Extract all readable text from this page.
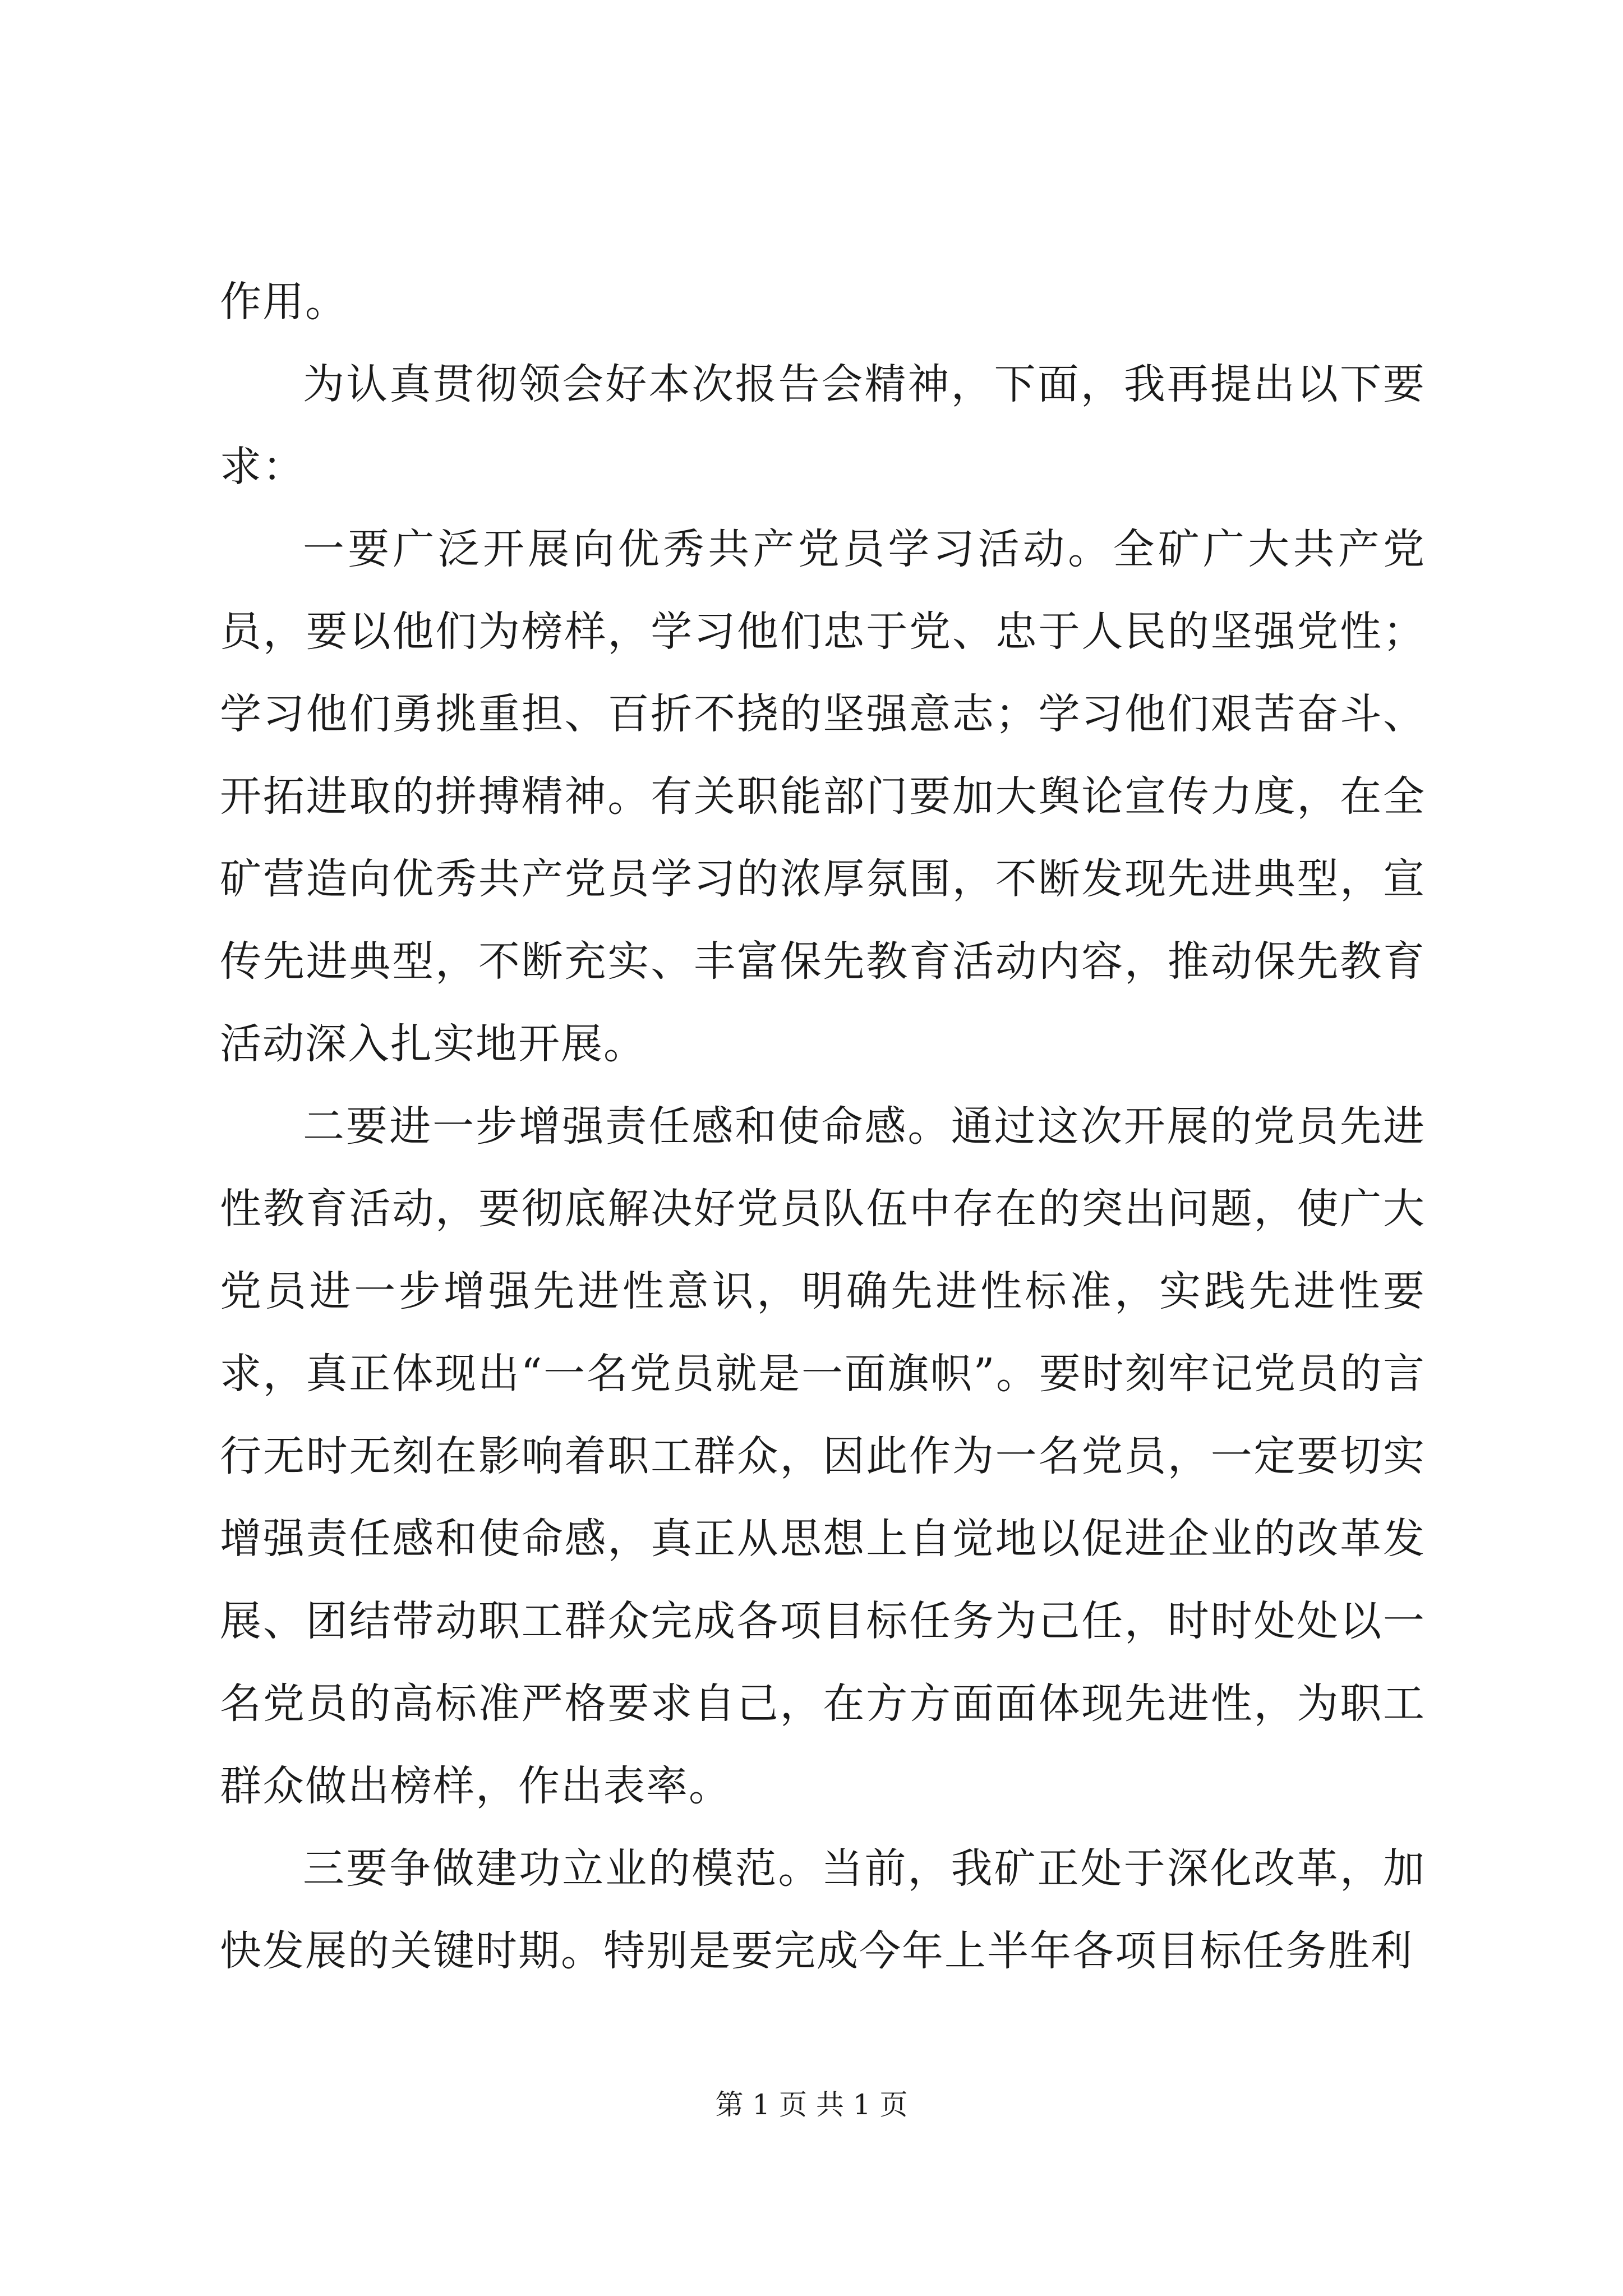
作用。

为认真贯彻领会好本次报告会精神，下面，我再提出以下要求：

一要广泛开展向优秀共产党员学习活动。全矿广大共产党员，要以他们为榜样，学习他们忠于党、忠于人民的坚强党性；学习他们勇挑重担、百折不挠的坚强意志；学习他们艰苦奋斗、开拓进取的拼搏精神。有关职能部门要加大舆论宣传力度，在全矿营造向优秀共产党员学习的浓厚氛围，不断发现先进典型，宣传先进典型，不断充实、丰富保先教育活动内容，推动保先教育活动深入扎实地开展。

二要进一步增强责任感和使命感。通过这次开展的党员先进性教育活动，要彻底解决好党员队伍中存在的突出问题，使广大党员进一步增强先进性意识，明确先进性标准，实践先进性要求，真正体现出“一名党员就是一面旗帜”。要时刻牢记党员的言行无时无刻在影响着职工群众，因此作为一名党员，一定要切实增强责任感和使命感，真正从思想上自觉地以促进企业的改革发展、团结带动职工群众完成各项目标任务为己任，时时处处以一名党员的高标准严格要求自己，在方方面面体现先进性，为职工群众做出榜样，作出表率。

三要争做建功立业的模范。当前，我矿正处于深化改革，加快发展的关键时期。特别是要完成今年上半年各项目标任务胜利

第 1 页 共 1 页
